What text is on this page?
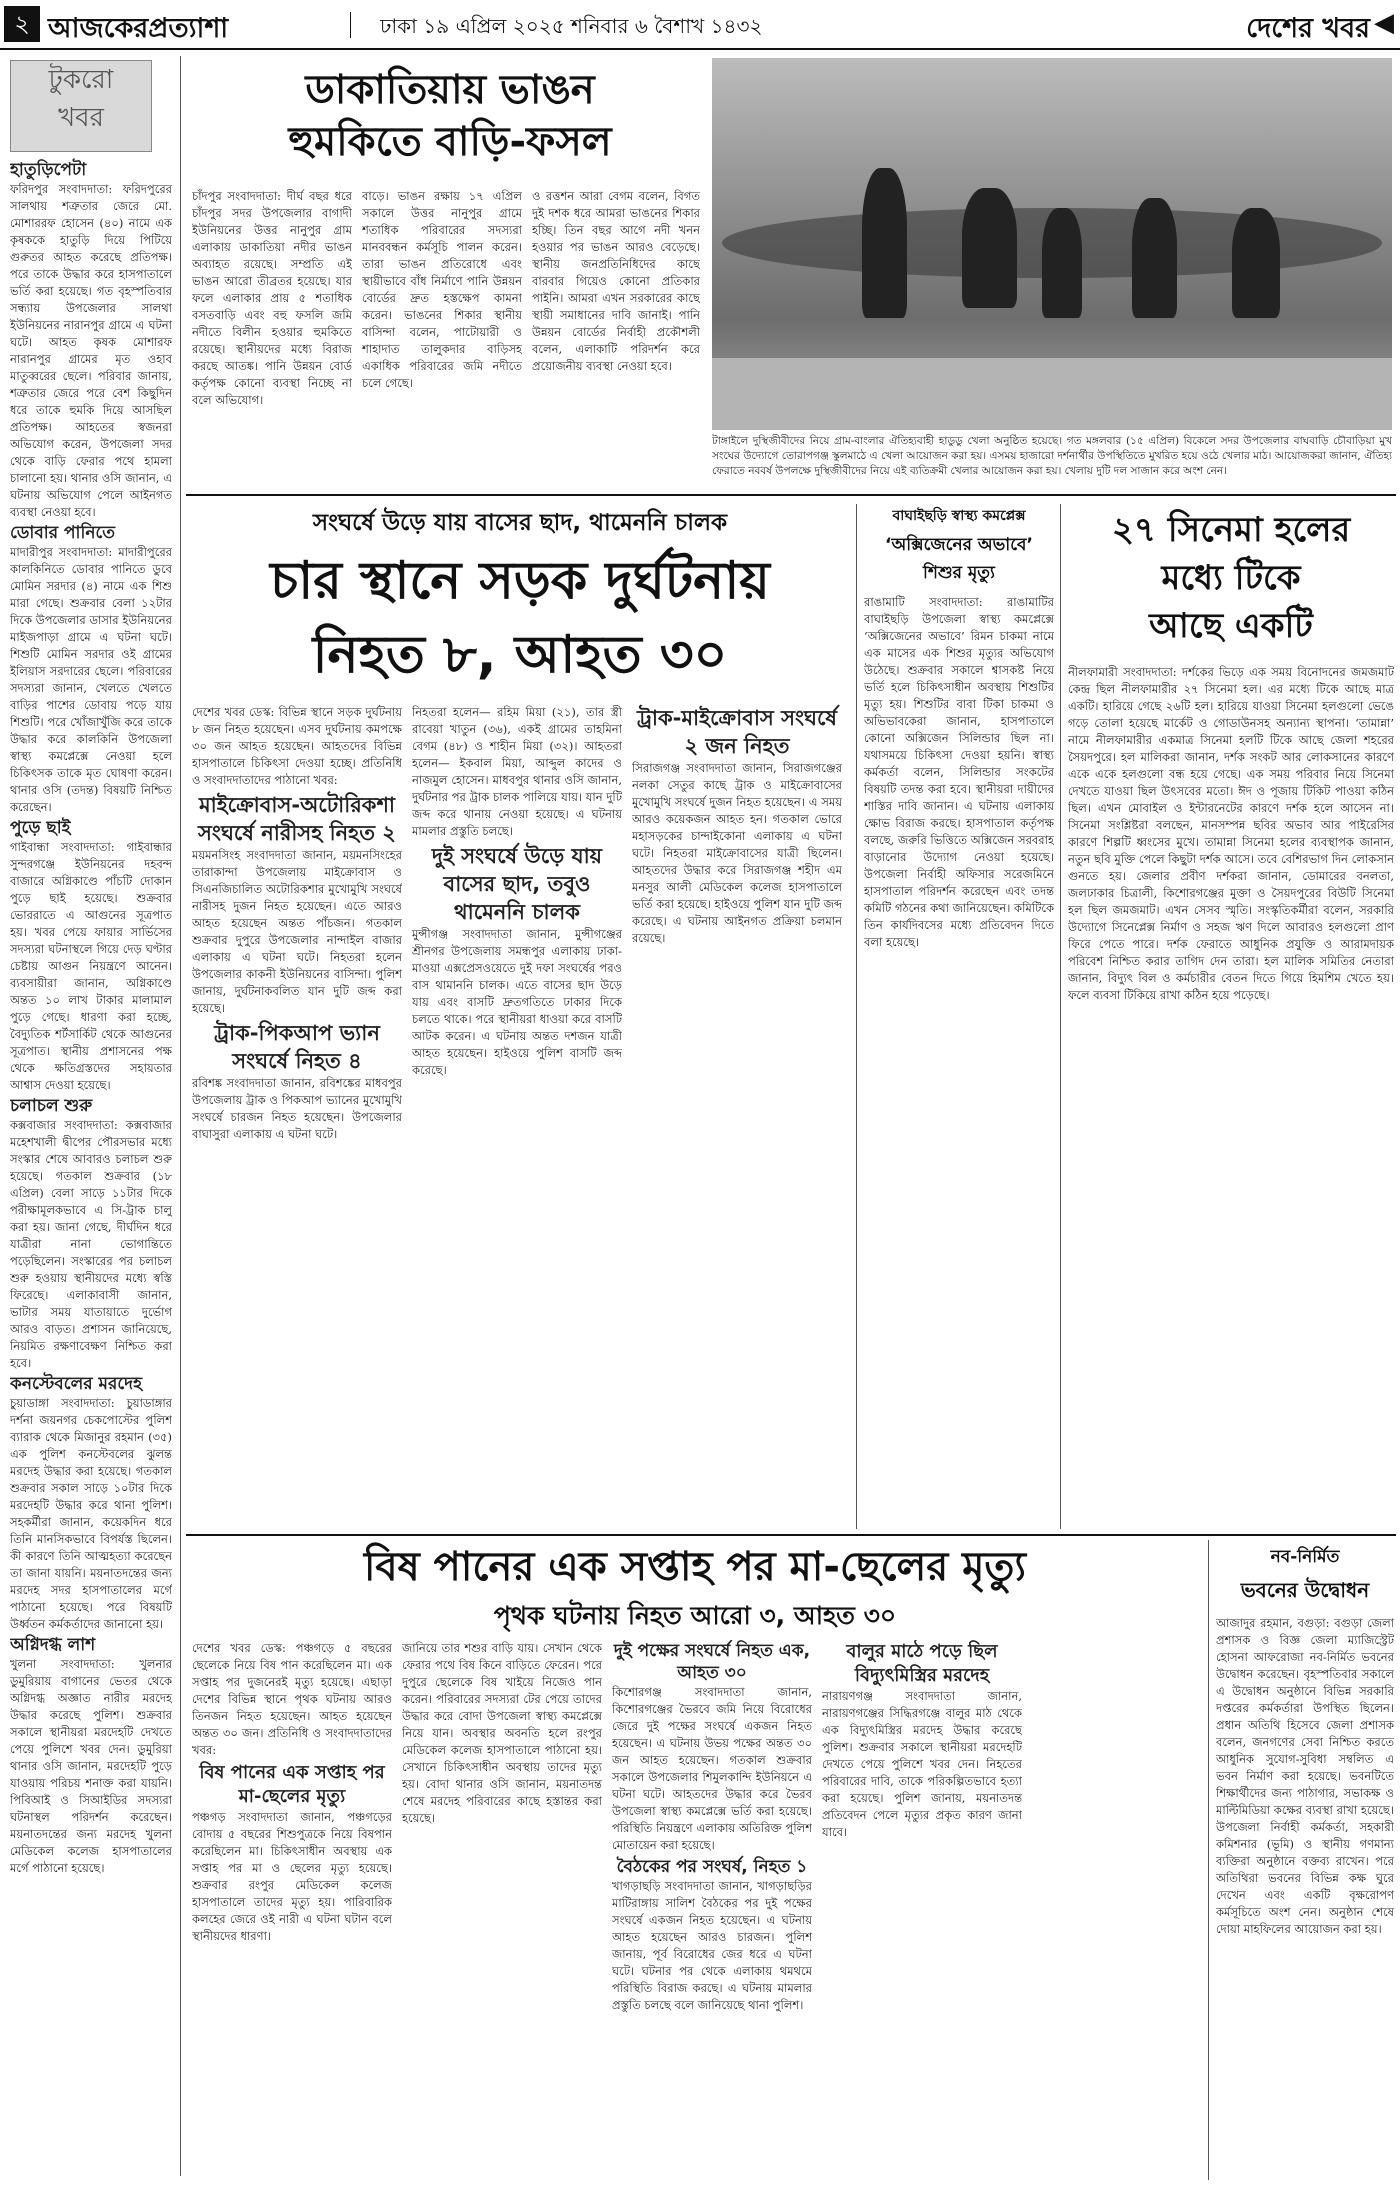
২ আজকেরপ্রত্যাশা	ঢাকা ১৯ এপ্রিল ২০২৫ শনিবার ৬ বৈশাখ ১৪৩২	দেশের খবর ◀
টুকরো
খবর
হাতুড়িপেটা

ফরিদপুর সংবাদদাতা: ফরিদপুরের সালথায় শত্রুতার জেরে মো. মোশাররফ হোসেন (৪০) নামে এক কৃষককে হাতুড়ি দিয়ে পিটিয়ে গুরুতর আহত করেছে প্রতিপক্ষ। পরে তাকে উদ্ধার করে হাসপাতালে ভর্তি করা হয়েছে। গত বৃহস্পতিবার সন্ধ্যায় উপজেলার সালথা ইউনিয়নের নারানপুর গ্রামে এ ঘটনা ঘটে। আহত কৃষক মোশারফ নারানপুর গ্রামের মৃত ওহাব মাতুব্বরের ছেলে। পরিবার জানায়, শত্রুতার জেরে পরে বেশ কিছুদিন ধরে তাকে হুমকি দিয়ে আসছিল প্রতিপক্ষ। আহতের স্বজনরা অভিযোগ করেন, উপজেলা সদর থেকে বাড়ি ফেরার পথে হামলা চালানো হয়। থানার ওসি জানান, এ ঘটনায় অভিযোগ পেলে আইনগত ব্যবস্থা নেওয়া হবে।

ডোবার পানিতে

মাদারীপুর সংবাদদাতা: মাদারীপুরের কালকিনিতে ডোবার পানিতে ডুবে মোমিন সরদার (৪) নামে এক শিশু মারা গেছে। শুক্রবার বেলা ১২টার দিকে উপজেলার ডাসার ইউনিয়নের মাইজপাড়া গ্রামে এ ঘটনা ঘটে। শিশুটি মোমিন সরদার ওই গ্রামের ইলিয়াস সরদারের ছেলে। পরিবারের সদস্যরা জানান, খেলতে খেলতে বাড়ির পাশের ডোবায় পড়ে যায় শিশুটি। পরে খোঁজাখুঁজি করে তাকে উদ্ধার করে কালকিনি উপজেলা স্বাস্থ্য কমপ্লেক্সে নেওয়া হলে চিকিৎসক তাকে মৃত ঘোষণা করেন। থানার ওসি (তদন্ত) বিষয়টি নিশ্চিত করেছেন।

পুড়ে ছাই

গাইবান্ধা সংবাদদাতা: গাইবান্ধার সুন্দরগঞ্জে ইউনিয়নের দহবন্দ বাজারে অগ্নিকাণ্ডে পাঁচটি দোকান পুড়ে ছাই হয়েছে। শুক্রবার ভোররাতে এ আগুনের সূত্রপাত হয়। খবর পেয়ে ফায়ার সার্ভিসের সদস্যরা ঘটনাস্থলে গিয়ে দেড় ঘণ্টার চেষ্টায় আগুন নিয়ন্ত্রণে আনেন। ব্যবসায়ীরা জানান, অগ্নিকাণ্ডে অন্তত ১০ লাখ টাকার মালামাল পুড়ে গেছে। ধারণা করা হচ্ছে, বৈদ্যুতিক শর্টসার্কিট থেকে আগুনের সূত্রপাত। স্থানীয় প্রশাসনের পক্ষ থেকে ক্ষতিগ্রস্তদের সহায়তার আশ্বাস দেওয়া হয়েছে।

চলাচল শুরু

কক্সবাজার সংবাদদাতা: কক্সবাজার মহেশখালী দ্বীপের পৌরসভার মধ্যে সংস্কার শেষে আবারও চলাচল শুরু হয়েছে। গতকাল শুক্রবার (১৮ এপ্রিল) বেলা সাড়ে ১১টার দিকে পরীক্ষামূলকভাবে এ সি-ট্রাক চালু করা হয়। জানা গেছে, দীর্ঘদিন ধরে যাত্রীরা নানা ভোগান্তিতে পড়েছিলেন। সংস্কারের পর চলাচল শুরু হওয়ায় স্থানীয়দের মধ্যে স্বস্তি ফিরেছে। এলাকাবাসী জানান, ভাটার সময় যাতায়াতে দুর্ভোগ আরও বাড়ত। প্রশাসন জানিয়েছে, নিয়মিত রক্ষণাবেক্ষণ নিশ্চিত করা হবে।

কনস্টেবলের মরদেহ

চুয়াডাঙ্গা সংবাদদাতা: চুয়াডাঙ্গার দর্শনা জয়নগর চেকপোস্টের পুলিশ ব্যারাক থেকে মিজানুর রহমান (৩৫) এক পুলিশ কনস্টেবলের ঝুলন্ত মরদেহ উদ্ধার করা হয়েছে। গতকাল শুক্রবার সকাল সাড়ে ১০টার দিকে মরদেহটি উদ্ধার করে থানা পুলিশ। সহকর্মীরা জানান, কয়েকদিন ধরে তিনি মানসিকভাবে বিপর্যস্ত ছিলেন। কী কারণে তিনি আত্মহত্যা করেছেন তা জানা যায়নি। ময়নাতদন্তের জন্য মরদেহ সদর হাসপাতালের মর্গে পাঠানো হয়েছে। পরে বিষয়টি উর্ধ্বতন কর্মকর্তাদের জানানো হয়।

অগ্নিদগ্ধ লাশ

খুলনা সংবাদদাতা: খুলনার ডুমুরিয়ায় বাগানের ভেতর থেকে অগ্নিদগ্ধ অজ্ঞাত নারীর মরদেহ উদ্ধার করেছে পুলিশ। শুক্রবার সকালে স্থানীয়রা মরদেহটি দেখতে পেয়ে পুলিশে খবর দেন। ডুমুরিয়া থানার ওসি জানান, মরদেহটি পুড়ে যাওয়ায় পরিচয় শনাক্ত করা যায়নি। পিবিআই ও সিআইডির সদস্যরা ঘটনাস্থল পরিদর্শন করেছেন। ময়নাতদন্তের জন্য মরদেহ খুলনা মেডিকেল কলেজ হাসপাতালের মর্গে পাঠানো হয়েছে।

ডাকাতিয়ায় ভাঙন
হুমকিতে বাড়ি-ফসল
চাঁদপুর সংবাদদাতা: দীর্ঘ বছর ধরে চাঁদপুর সদর উপজেলার বাগাদী ইউনিয়নের উত্তর নানুপুর গ্রাম এলাকায় ডাকাতিয়া নদীর ভাঙন অব্যাহত রয়েছে। সম্প্রতি এই ভাঙন আরো তীব্রতর হয়েছে। যার ফলে এলাকার প্রায় ৫ শতাধিক বসতবাড়ি এবং বহু ফসলি জমি নদীতে বিলীন হওয়ার হুমকিতে রয়েছে। স্থানীয়দের মধ্যে বিরাজ করছে আতঙ্ক। পানি উন্নয়ন বোর্ড কর্তৃপক্ষ কোনো ব্যবস্থা নিচ্ছে না বলে অভিযোগ।
বাড়ে। ভাঙন রক্ষায় ১৭ এপ্রিল সকালে উত্তর নানুপুর গ্রামে শতাধিক পরিবারের সদস্যরা মানববন্ধন কর্মসূচি পালন করেন। তারা ভাঙন প্রতিরোধে এবং স্থায়ীভাবে বাঁধ নির্মাণে পানি উন্নয়ন বোর্ডের দ্রুত হস্তক্ষেপ কামনা করেন। ভাঙনের শিকার স্থানীয় বাসিন্দা বলেন, পাটোয়ারী ও শাহাদাত তালুকদার বাড়িসহ একাধিক পরিবারের জমি নদীতে চলে গেছে।
ও রত্তশন আরা বেগম বলেন, বিগত দুই দশক ধরে আমরা ভাঙনের শিকার হচ্ছি। তিন বছর আগে নদী খনন হওয়ার পর ভাঙন আরও বেড়েছে। স্থানীয় জনপ্রতিনিধিদের কাছে বারবার গিয়েও কোনো প্রতিকার পাইনি। আমরা এখন সরকারের কাছে স্থায়ী সমাধানের দাবি জানাই। পানি উন্নয়ন বোর্ডের নির্বাহী প্রকৌশলী বলেন, এলাকাটি পরিদর্শন করে প্রয়োজনীয় ব্যবস্থা নেওয়া হবে।
টাঙ্গাইলে দুস্থিজীবীদের নিয়ে গ্রাম-বাংলার ঐতিহ্যবাহী হাডুডু খেলা অনুষ্ঠিত হয়েছে। গত মঙ্গলবার (১৫ এপ্রিল) বিকেলে সদর উপজেলার বাঘবাড়ি চৌবাড়িয়া মুখ সংঘের উদ্যোগে তোরাপগঞ্জ স্কুলমাঠে এ খেলা আয়োজন করা হয়। এসময় হাজারো দর্শনার্থীর উপস্থিতিতে মুখরিত হয়ে ওঠে খেলার মাঠ। আয়োজকরা জানান, ঐতিহ্য ফেরাতে নববর্ষ উপলক্ষে দুস্থিজীবীদের নিয়ে এই ব্যতিক্রমী খেলার আয়োজন করা হয়। খেলায় দুটি দল সাজান করে অংশ নেন।
সংঘর্ষে উড়ে যায় বাসের ছাদ, থামেননি চালক
চার স্থানে সড়ক দুর্ঘটনায়
নিহত ৮, আহত ৩০

দেশের খবর ডেস্ক: বিভিন্ন স্থানে সড়ক দুর্ঘটনায় ৮ জন নিহত হয়েছেন। এসব দুর্ঘটনায় কমপক্ষে ৩০ জন আহত হয়েছেন। আহতদের বিভিন্ন হাসপাতালে চিকিৎসা দেওয়া হচ্ছে। প্রতিনিধি ও সংবাদদাতাদের পাঠানো খবর:

মাইক্রোবাস-অটোরিকশা সংঘর্ষে নারীসহ নিহত ২

ময়মনসিংহ সংবাদদাতা জানান, ময়মনসিংহের তারাকান্দা উপজেলায় মাইক্রোবাস ও সিএনজিচালিত অটোরিকশার মুখোমুখি সংঘর্ষে নারীসহ দুজন নিহত হয়েছেন। এতে আরও আহত হয়েছেন অন্তত পাঁচজন। গতকাল শুক্রবার দুপুরে উপজেলার নান্দাইল বাজার এলাকায় এ ঘটনা ঘটে। নিহতরা হলেন উপজেলার কাকনী ইউনিয়নের বাসিন্দা। পুলিশ জানায়, দুর্ঘটনাকবলিত যান দুটি জব্দ করা হয়েছে।

ট্রাক-পিকআপ ভ্যান সংঘর্ষে নিহত ৪

রবিশঙ্ক সংবাদদাতা জানান, রবিশঙ্কের মাধবপুর উপজেলায় ট্রাক ও পিকআপ ভ্যানের মুখোমুখি সংঘর্ষে চারজন নিহত হয়েছেন। উপজেলার বাঘাসুরা এলাকায় এ ঘটনা ঘটে।

নিহতরা হলেন— রহিম মিয়া (২১), তার স্ত্রী রাবেয়া খাতুন (৩৬), একই গ্রামের তাহমিনা বেগম (৪৮) ও শাহীন মিয়া (৩২)। আহতরা হলেন— ইকবাল মিয়া, আব্দুল কাদের ও নাজমুল হোসেন। মাধবপুর থানার ওসি জানান, দুর্ঘটনার পর ট্রাক চালক পালিয়ে যায়। যান দুটি জব্দ করে থানায় নেওয়া হয়েছে। এ ঘটনায় মামলার প্রস্তুতি চলছে।

দুই সংঘর্ষে উড়ে যায় বাসের ছাদ, তবুও থামেননি চালক

মুন্সীগঞ্জ সংবাদদাতা জানান, মুন্সীগঞ্জের শ্রীনগর উপজেলায় সমন্ধপুর এলাকায় ঢাকা-মাওয়া এক্সপ্রেসওয়েতে দুই দফা সংঘর্ষের পরও বাস থামাননি চালক। এতে বাসের ছাদ উড়ে যায় এবং বাসটি দ্রুতগতিতে ঢাকার দিকে চলতে থাকে। পরে স্থানীয়রা ধাওয়া করে বাসটি আটক করেন। এ ঘটনায় অন্তত দশজন যাত্রী আহত হয়েছেন। হাইওয়ে পুলিশ বাসটি জব্দ করেছে।

ট্রাক-মাইক্রোবাস সংঘর্ষে ২ জন নিহত

সিরাজগঞ্জ সংবাদদাতা জানান, সিরাজগঞ্জের নলকা সেতুর কাছে ট্রাক ও মাইক্রোবাসের মুখোমুখি সংঘর্ষে দুজন নিহত হয়েছেন। এ সময় আরও কয়েকজন আহত হন। গতকাল ভোরে মহাসড়কের চান্দাইকোনা এলাকায় এ ঘটনা ঘটে। নিহতরা মাইক্রোবাসের যাত্রী ছিলেন। আহতদের উদ্ধার করে সিরাজগঞ্জ শহীদ এম মনসুর আলী মেডিকেল কলেজ হাসপাতালে ভর্তি করা হয়েছে। হাইওয়ে পুলিশ যান দুটি জব্দ করেছে। এ ঘটনায় আইনগত প্রক্রিয়া চলমান রয়েছে।

বাঘাইছড়ি স্বাস্থ্য কমপ্লেক্স
‘অক্সিজেনের অভাবে’ শিশুর মৃত্যু
রাঙামাটি সংবাদদাতা: রাঙামাটির বাঘাইছড়ি উপজেলা স্বাস্থ্য কমপ্লেক্সে ‘অক্সিজেনের অভাবে’ রিমন চাকমা নামে এক মাসের এক শিশুর মৃত্যুর অভিযোগ উঠেছে। শুক্রবার সকালে শ্বাসকষ্ট নিয়ে ভর্তি হলে চিকিৎসাধীন অবস্থায় শিশুটির মৃত্যু হয়। শিশুটির বাবা টিকা চাকমা ও অভিভাবকেরা জানান, হাসপাতালে কোনো অক্সিজেন সিলিন্ডার ছিল না। যথাসময়ে চিকিৎসা দেওয়া হয়নি। স্বাস্থ্য কর্মকর্তা বলেন, সিলিন্ডার সংকটের বিষয়টি তদন্ত করা হবে। স্থানীয়রা দায়ীদের শাস্তির দাবি জানান। এ ঘটনায় এলাকায় ক্ষোভ বিরাজ করছে। হাসপাতাল কর্তৃপক্ষ বলছে, জরুরি ভিত্তিতে অক্সিজেন সরবরাহ বাড়ানোর উদ্যোগ নেওয়া হয়েছে। উপজেলা নির্বাহী অফিসার সরেজমিনে হাসপাতাল পরিদর্শন করেছেন এবং তদন্ত কমিটি গঠনের কথা জানিয়েছেন। কমিটিকে তিন কার্যদিবসের মধ্যে প্রতিবেদন দিতে বলা হয়েছে।
২৭ সিনেমা হলের
মধ্যে টিকে
আছে একটি
নীলফামারী সংবাদদাতা: দর্শকের ভিড়ে এক সময় বিনোদনের জমজমাট কেন্দ্র ছিল নীলফামারীর ২৭ সিনেমা হল। এর মধ্যে টিকে আছে মাত্র একটি। হারিয়ে গেছে ২৬টি হল। হারিয়ে যাওয়া সিনেমা হলগুলো ভেঙে গড়ে তোলা হয়েছে মার্কেট ও গোডাউনসহ অন্যান্য স্থাপনা। ‘তামান্না’ নামে নীলফামারীর একমাত্র সিনেমা হলটি টিকে আছে জেলা শহরের সৈয়দপুরে। হল মালিকরা জানান, দর্শক সংকট আর লোকসানের কারণে একে একে হলগুলো বন্ধ হয়ে গেছে। এক সময় পরিবার নিয়ে সিনেমা দেখতে যাওয়া ছিল উৎসবের মতো। ঈদ ও পূজায় টিকিট পাওয়া কঠিন ছিল। এখন মোবাইল ও ইন্টারনেটের কারণে দর্শক হলে আসেন না। সিনেমা সংশ্লিষ্টরা বলছেন, মানসম্পন্ন ছবির অভাব আর পাইরেসির কারণে শিল্পটি ধ্বংসের মুখে। তামান্না সিনেমা হলের ব্যবস্থাপক জানান, নতুন ছবি মুক্তি পেলে কিছুটা দর্শক আসে। তবে বেশিরভাগ দিন লোকসান গুনতে হয়। জেলার প্রবীণ দর্শকরা জানান, ডোমারের বনলতা, জলঢাকার চিত্রালী, কিশোরগঞ্জের মুক্তা ও সৈয়দপুরের বিউটি সিনেমা হল ছিল জমজমাট। এখন সেসব স্মৃতি। সংস্কৃতিকর্মীরা বলেন, সরকারি উদ্যোগে সিনেপ্লেক্স নির্মাণ ও সহজ ঋণ দিলে আবারও হলগুলো প্রাণ ফিরে পেতে পারে। দর্শক ফেরাতে আধুনিক প্রযুক্তি ও আরামদায়ক পরিবেশ নিশ্চিত করার তাগিদ দেন তারা। হল মালিক সমিতির নেতারা জানান, বিদ্যুৎ বিল ও কর্মচারীর বেতন দিতে গিয়ে হিমশিম খেতে হয়। ফলে ব্যবসা টিকিয়ে রাখা কঠিন হয়ে পড়েছে।
বিষ পানের এক সপ্তাহ পর মা-ছেলের মৃত্যু
পৃথক ঘটনায় নিহত আরো ৩, আহত ৩০

দেশের খবর ডেস্ক: পঞ্চগড়ে ৫ বছরের ছেলেকে নিয়ে বিষ পান করেছিলেন মা। এক সপ্তাহ পর দুজনেরই মৃত্যু হয়েছে। এছাড়া দেশের বিভিন্ন স্থানে পৃথক ঘটনায় আরও তিনজন নিহত হয়েছেন। আহত হয়েছেন অন্তত ৩০ জন। প্রতিনিধি ও সংবাদদাতাদের খবর:

বিষ পানের এক সপ্তাহ পর মা-ছেলের মৃত্যু

পঞ্চগড় সংবাদদাতা জানান, পঞ্চগড়ের বোদায় ৫ বছরের শিশুপুত্রকে নিয়ে বিষপান করেছিলেন মা। চিকিৎসাধীন অবস্থায় এক সপ্তাহ পর মা ও ছেলের মৃত্যু হয়েছে। শুক্রবার রংপুর মেডিকেল কলেজ হাসপাতালে তাদের মৃত্যু হয়। পারিবারিক কলহের জেরে ওই নারী এ ঘটনা ঘটান বলে স্থানীয়দের ধারণা।

জানিয়ে তার শশুর বাড়ি যায়। সেখান থেকে ফেরার পথে বিষ কিনে বাড়িতে ফেরেন। পরে দুপুরে ছেলেকে বিষ খাইয়ে নিজেও পান করেন। পরিবারের সদস্যরা টের পেয়ে তাদের উদ্ধার করে বোদা উপজেলা স্বাস্থ্য কমপ্লেক্সে নিয়ে যান। অবস্থার অবনতি হলে রংপুর মেডিকেল কলেজ হাসপাতালে পাঠানো হয়। সেখানে চিকিৎসাধীন অবস্থায় তাদের মৃত্যু হয়। বোদা থানার ওসি জানান, ময়নাতদন্ত শেষে মরদেহ পরিবারের কাছে হস্তান্তর করা হয়েছে।
দুই পক্ষের সংঘর্ষে নিহত এক, আহত ৩০

কিশোরগঞ্জ সংবাদদাতা জানান, কিশোরগঞ্জের ভৈরবে জমি নিয়ে বিরোধের জেরে দুই পক্ষের সংঘর্ষে একজন নিহত হয়েছেন। এ ঘটনায় উভয় পক্ষের অন্তত ৩০ জন আহত হয়েছেন। গতকাল শুক্রবার সকালে উপজেলার শিমুলকান্দি ইউনিয়নে এ ঘটনা ঘটে। আহতদের উদ্ধার করে ভৈরব উপজেলা স্বাস্থ্য কমপ্লেক্সে ভর্তি করা হয়েছে। পরিস্থিতি নিয়ন্ত্রণে এলাকায় অতিরিক্ত পুলিশ মোতায়েন করা হয়েছে।

বৈঠকের পর সংঘর্ষ, নিহত ১

খাগড়াছড়ি সংবাদদাতা জানান, খাগড়াছড়ির মাটিরাঙ্গায় সালিশ বৈঠকের পর দুই পক্ষের সংঘর্ষে একজন নিহত হয়েছেন। এ ঘটনায় আহত হয়েছেন আরও চারজন। পুলিশ জানায়, পূর্ব বিরোধের জের ধরে এ ঘটনা ঘটে। ঘটনার পর থেকে এলাকায় থমথমে পরিস্থিতি বিরাজ করছে। এ ঘটনায় মামলার প্রস্তুতি চলছে বলে জানিয়েছে থানা পুলিশ।

বালুর মাঠে পড়ে ছিল বিদ্যুৎমিস্ত্রির মরদেহ

নারায়ণগঞ্জ সংবাদদাতা জানান, নারায়ণগঞ্জের সিদ্ধিরগঞ্জে বালুর মাঠ থেকে এক বিদ্যুৎমিস্ত্রির মরদেহ উদ্ধার করেছে পুলিশ। শুক্রবার সকালে স্থানীয়রা মরদেহটি দেখতে পেয়ে পুলিশে খবর দেন। নিহতের পরিবারের দাবি, তাকে পরিকল্পিতভাবে হত্যা করা হয়েছে। পুলিশ জানায়, ময়নাতদন্ত প্রতিবেদন পেলে মৃত্যুর প্রকৃত কারণ জানা যাবে।

নব-নির্মিত
ভবনের উদ্বোধন
আজাদুর রহমান, বগুড়া: বগুড়া জেলা প্রশাসক ও বিজ্ঞ জেলা ম্যাজিস্ট্রেট হোসনা আফরোজা নব-নির্মিত ভবনের উদ্বোধন করেছেন। বৃহস্পতিবার সকালে এ উদ্বোধন অনুষ্ঠানে বিভিন্ন সরকারি দপ্তরের কর্মকর্তারা উপস্থিত ছিলেন। প্রধান অতিথি হিসেবে জেলা প্রশাসক বলেন, জনগণের সেবা নিশ্চিত করতে আধুনিক সুযোগ-সুবিধা সম্বলিত এ ভবন নির্মাণ করা হয়েছে। ভবনটিতে শিক্ষার্থীদের জন্য পাঠাগার, সভাকক্ষ ও মাল্টিমিডিয়া কক্ষের ব্যবস্থা রাখা হয়েছে। উপজেলা নির্বাহী কর্মকর্তা, সহকারী কমিশনার (ভূমি) ও স্থানীয় গণমান্য ব্যক্তিরা অনুষ্ঠানে বক্তব্য রাখেন। পরে অতিথিরা ভবনের বিভিন্ন কক্ষ ঘুরে দেখেন এবং একটি বৃক্ষরোপণ কর্মসূচিতে অংশ নেন। অনুষ্ঠান শেষে দোয়া মাহফিলের আয়োজন করা হয়।
